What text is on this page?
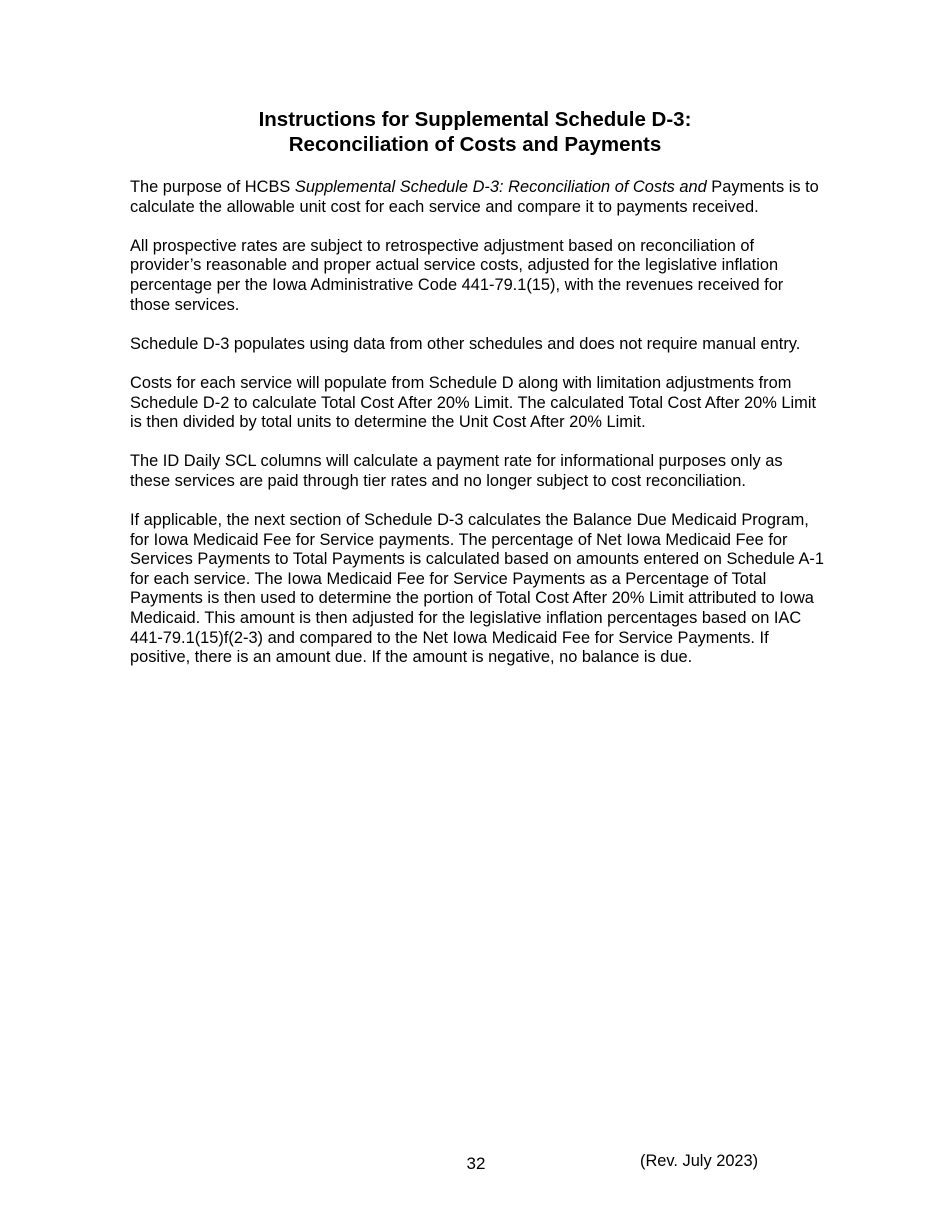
Instructions for Supplemental Schedule D-3:
Reconciliation of Costs and Payments

The purpose of HCBS Supplemental Schedule D-3: Reconciliation of Costs and Payments is to calculate the allowable unit cost for each service and compare it to payments received.

All prospective rates are subject to retrospective adjustment based on reconciliation of provider’s reasonable and proper actual service costs, adjusted for the legislative inflation percentage per the Iowa Administrative Code 441-79.1(15), with the revenues received for those services.

Schedule D-3 populates using data from other schedules and does not require manual entry.

Costs for each service will populate from Schedule D along with limitation adjustments from Schedule D-2 to calculate Total Cost After 20% Limit. The calculated Total Cost After 20% Limit is then divided by total units to determine the Unit Cost After 20% Limit.

The ID Daily SCL columns will calculate a payment rate for informational purposes only as these services are paid through tier rates and no longer subject to cost reconciliation.

If applicable, the next section of Schedule D-3 calculates the Balance Due Medicaid Program, for Iowa Medicaid Fee for Service payments. The percentage of Net Iowa Medicaid Fee for Services Payments to Total Payments is calculated based on amounts entered on Schedule A-1 for each service. The Iowa Medicaid Fee for Service Payments as a Percentage of Total Payments is then used to determine the portion of Total Cost After 20% Limit attributed to Iowa Medicaid. This amount is then adjusted for the legislative inflation percentages based on IAC 441-79.1(15)f(2-3) and compared to the Net Iowa Medicaid Fee for Service Payments. If positive, there is an amount due. If the amount is negative, no balance is due.

32	(Rev. July 2023)
